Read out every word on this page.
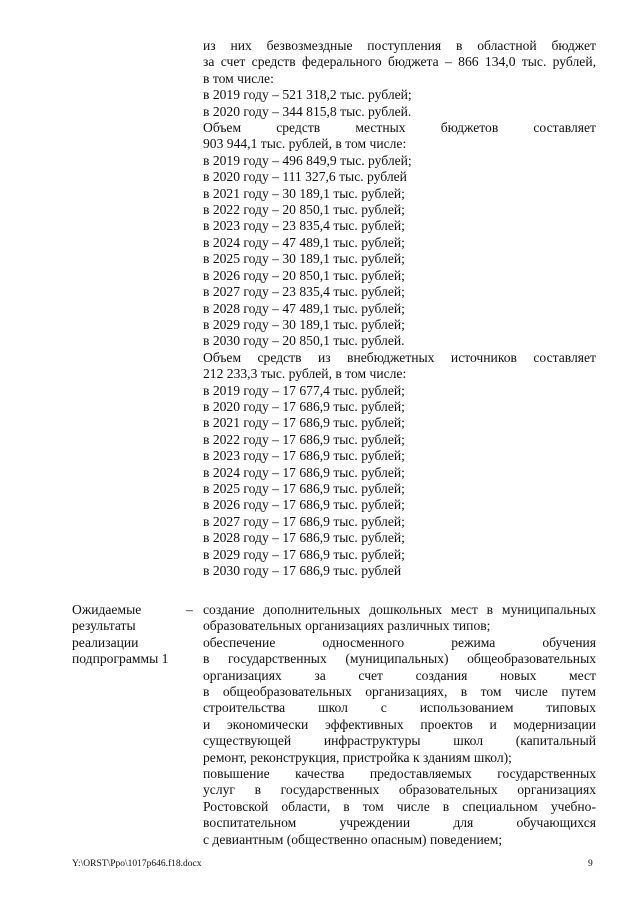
из них безвозмездные поступления в областной бюджет
за счет средств федерального бюджета – 866 134,0 тыс. рублей,
в том числе:
в 2019 году – 521 318,2 тыс. рублей;
в 2020 году – 344 815,8 тыс. рублей.
Объем средств местных бюджетов составляет
903 944,1 тыс. рублей, в том числе:
в 2019 году – 496 849,9 тыс. рублей;
в 2020 году – 111 327,6 тыс. рублей
в 2021 году – 30 189,1 тыс. рублей;
в 2022 году – 20 850,1 тыс. рублей;
в 2023 году – 23 835,4 тыс. рублей;
в 2024 году – 47 489,1 тыс. рублей;
в 2025 году – 30 189,1 тыс. рублей;
в 2026 году – 20 850,1 тыс. рублей;
в 2027 году – 23 835,4 тыс. рублей;
в 2028 году – 47 489,1 тыс. рублей;
в 2029 году – 30 189,1 тыс. рублей;
в 2030 году – 20 850,1 тыс. рублей.
Объем средств из внебюджетных источников составляет
212 233,3 тыс. рублей, в том числе:
в 2019 году – 17 677,4 тыс. рублей;
в 2020 году – 17 686,9 тыс. рублей;
в 2021 году – 17 686,9 тыс. рублей;
в 2022 году – 17 686,9 тыс. рублей;
в 2023 году – 17 686,9 тыс. рублей;
в 2024 году – 17 686,9 тыс. рублей;
в 2025 году – 17 686,9 тыс. рублей;
в 2026 году – 17 686,9 тыс. рублей;
в 2027 году – 17 686,9 тыс. рублей;
в 2028 году – 17 686,9 тыс. рублей;
в 2029 году – 17 686,9 тыс. рублей;
в 2030 году – 17 686,9 тыс. рублей
Ожидаемые
результаты
реализации
подпрограммы 1
– создание дополнительных дошкольных мест в муниципальных
образовательных организациях различных типов;
обеспечение односменного режима обучения
в государственных (муниципальных) общеобразовательных
организациях за счет создания новых мест
в общеобразовательных организациях, в том числе путем
строительства школ с использованием типовых
и экономически эффективных проектов и модернизации
существующей инфраструктуры школ (капитальный
ремонт, реконструкция, пристройка к зданиям школ);
повышение качества предоставляемых государственных
услуг в государственных образовательных организациях
Ростовской области, в том числе в специальном учебно-
воспитательном учреждении для обучающихся
с девиантным (общественно опасным) поведением;
Y:\ORST\Ppo\1017p646.f18.docx	9
